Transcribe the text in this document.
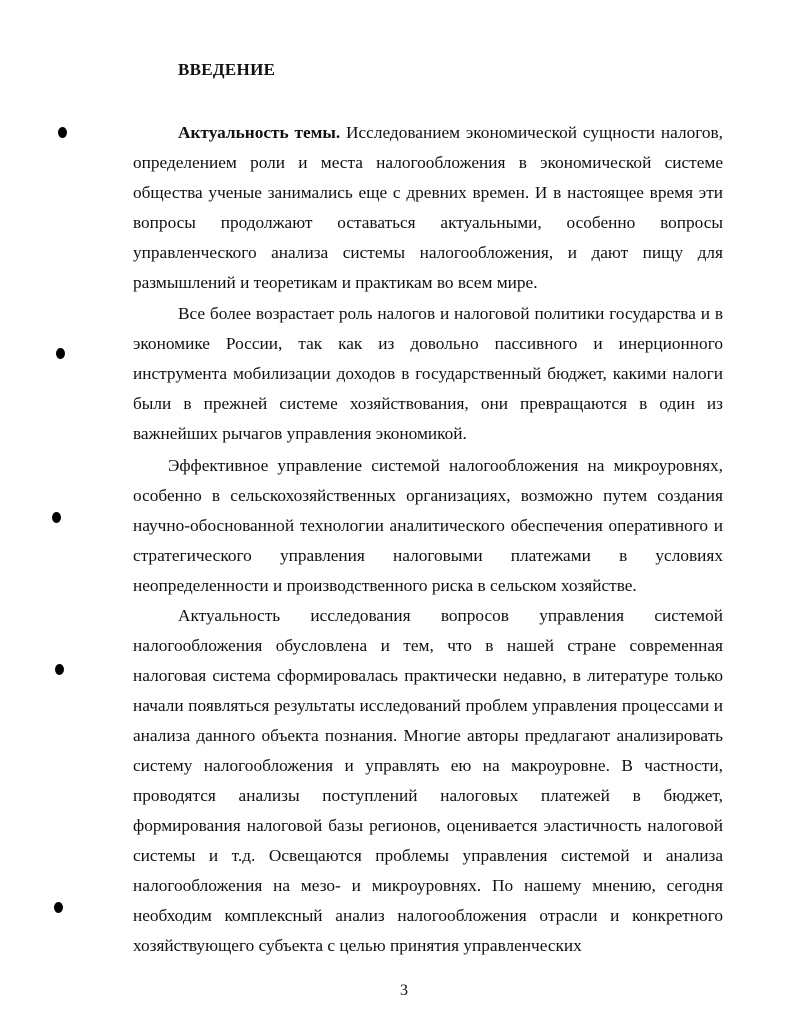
ВВЕДЕНИЕ

Актуальность темы. Исследованием экономической сущности налогов, определением роли и места налогообложения в экономической системе общества ученые занимались еще с древних времен. И в настоящее время эти вопросы продолжают оставаться актуальными, особенно вопросы управленческого анализа системы налогообложения, и дают пищу для размышлений и теоретикам и практикам во всем мире.

Все более возрастает роль налогов и налоговой политики государства и в экономике России, так как из довольно пассивного и инерционного инструмента мобилизации доходов в государственный бюджет, какими налоги были в прежней системе хозяйствования, они превращаются в один из важнейших рычагов управления экономикой.

Эффективное управление системой налогообложения на микроуровнях, особенно в сельскохозяйственных организациях, возможно путем создания научно-обоснованной технологии аналитического обеспечения оперативного и стратегического управления налоговыми платежами в условиях неопределенности и производственного риска в сельском хозяйстве.

Актуальность исследования вопросов управления системой налогообложения обусловлена и тем, что в нашей стране современная налоговая система сформировалась практически недавно, в литературе только начали появляться результаты исследований проблем управления процессами и анализа данного объекта познания. Многие авторы предлагают анализировать систему налогообложения и управлять ею на макроуровне. В частности, проводятся анализы поступлений налоговых платежей в бюджет, формирования налоговой базы регионов, оценивается эластичность налоговой системы и т.д. Освещаются проблемы управления системой и анализа налогообложения на мезо- и микроуровнях. По нашему мнению, сегодня необходим комплексный анализ налогообложения отрасли и конкретного хозяйствующего субъекта с целью принятия управленческих

3
